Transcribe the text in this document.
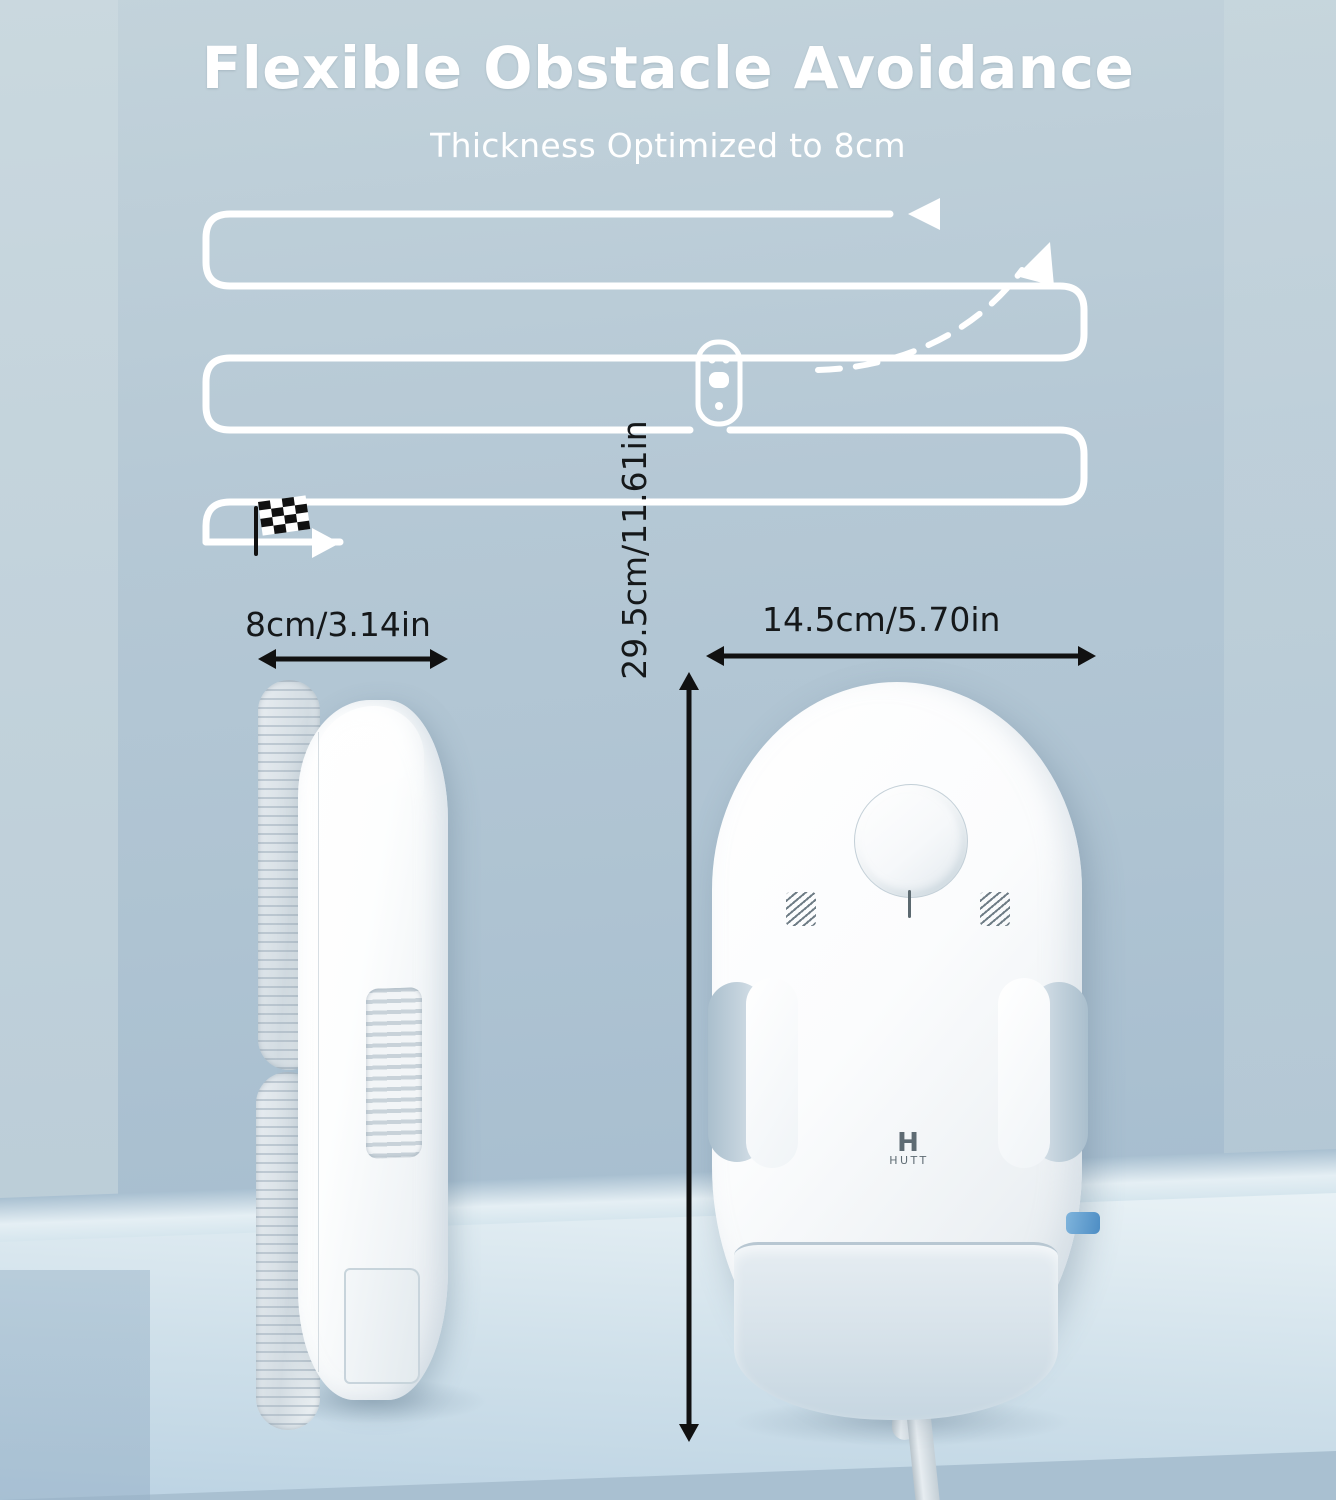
Flexible Obstacle Avoidance
Thickness Optimized to 8cm
8cm/3.14in	14.5cm/5.70in
29.5cm/11.61in
H
HUTT
